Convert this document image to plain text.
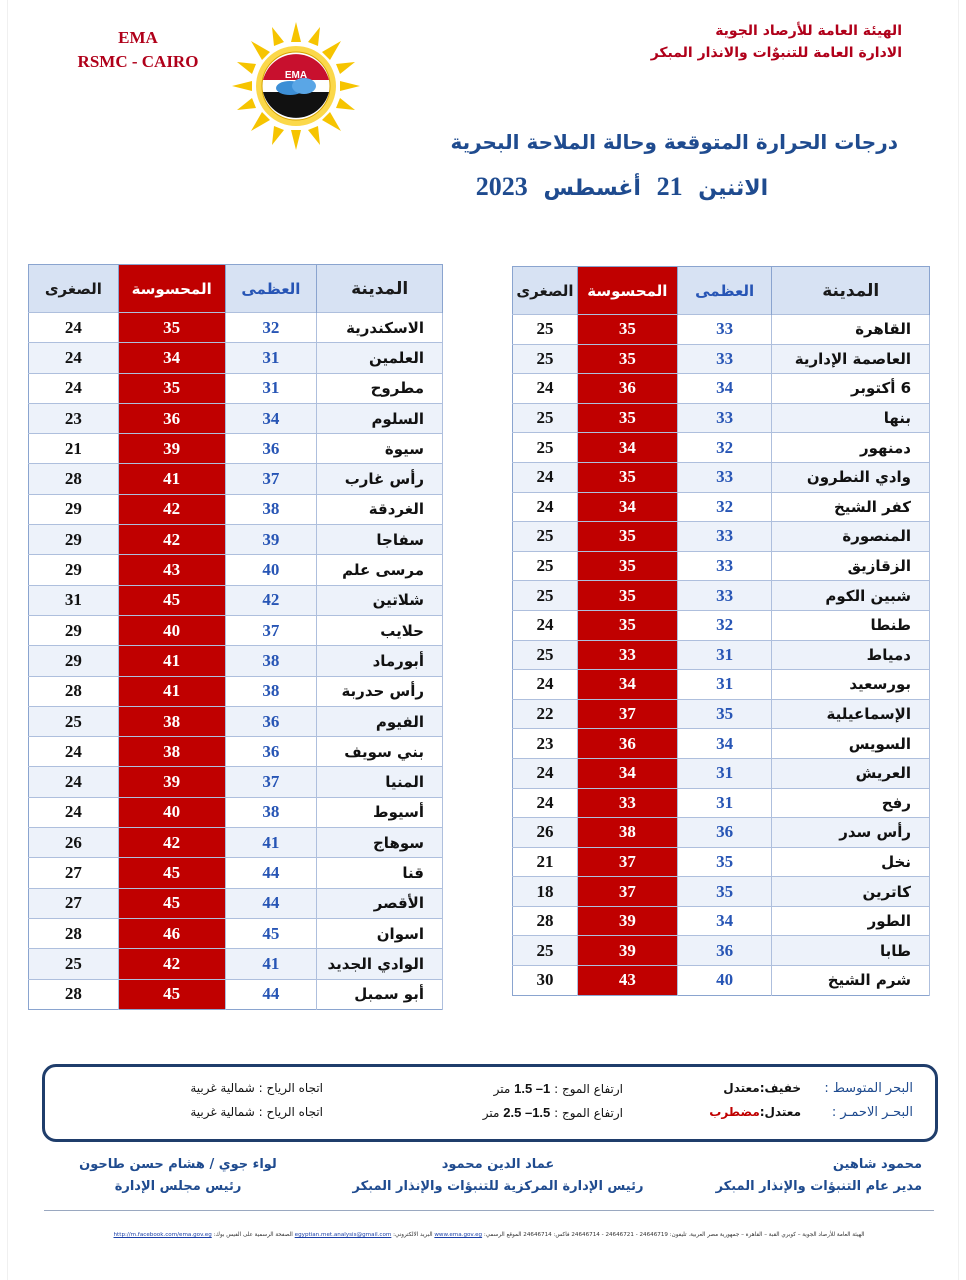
EMA
RSMC - CAIRO
EMA
الهيئة العامة للأرصاد الجوية
الادارة العامة للتنبوٌات والانذار المبكر
درجات الحرارة المتوقعة وحالة الملاحة البحرية
الاثنين 21 أغسطس 2023
المدينة	العظمى	المحسوسة	الصغرى
القاهرة	33	35	25
العاصمة الإدارية	33	35	25
6 أكتوبر	34	36	24
بنها	33	35	25
دمنهور	32	34	25
وادي النطرون	33	35	24
كفر الشيخ	32	34	24
المنصورة	33	35	25
الزقازيق	33	35	25
شبين الكوم	33	35	25
طنطا	32	35	24
دمياط	31	33	25
بورسعيد	31	34	24
الإسماعيلية	35	37	22
السويس	34	36	23
العريش	31	34	24
رفح	31	33	24
رأس سدر	36	38	26
نخل	35	37	21
كاترين	35	37	18
الطور	34	39	28
طابا	36	39	25
شرم الشيخ	40	43	30
المدينة	العظمى	المحسوسة	الصغرى
الاسكندرية	32	35	24
العلمين	31	34	24
مطروح	31	35	24
السلوم	34	36	23
سيوة	36	39	21
رأس غارب	37	41	28
الغردقة	38	42	29
سفاجا	39	42	29
مرسى علم	40	43	29
شلاتين	42	45	31
حلايب	37	40	29
أبورماد	38	41	29
رأس حدربة	38	41	28
الفيوم	36	38	25
بني سويف	36	38	24
المنيا	37	39	24
أسيوط	38	40	24
سوهاج	41	42	26
قنا	44	45	27
الأقصر	44	45	27
اسوان	45	46	28
الوادي الجديد	41	42	25
أبو سمبل	44	45	28
البحر المتوسط :
خفيف:معتدل
ارتفاع الموج : 1– 1.5 متر
اتجاه الرياح : شمالية غربية
البحـر الاحمـر :
معتدل:مضطرب
ارتفاع الموج : 1.5– 2.5 متر
اتجاه الرياح : شمالية غربية
محمود شاهين
مدير عام التنبؤات والإنذار المبكر
عماد الدين محمود
رئيس الإدارة المركزية للتنبؤات والإنذار المبكر
لواء جوي / هشام حسن طاحون
رئيس مجلس الإدارة
الهيئة العامة للأرصاد الجوية – كوبري القبة – القاهرة – جمهورية مصر العربية. تليفون: 24646719 - 24646721 - 24646714 فاكس: 24646714 الموقع الرسمي: www.ema.gov.eg البريد الالكتروني: egyptian.met.analysis@gmail.com الصفحة الرسمية على الفيس بوك: http://m.facebook.com/ema.gov.eg
